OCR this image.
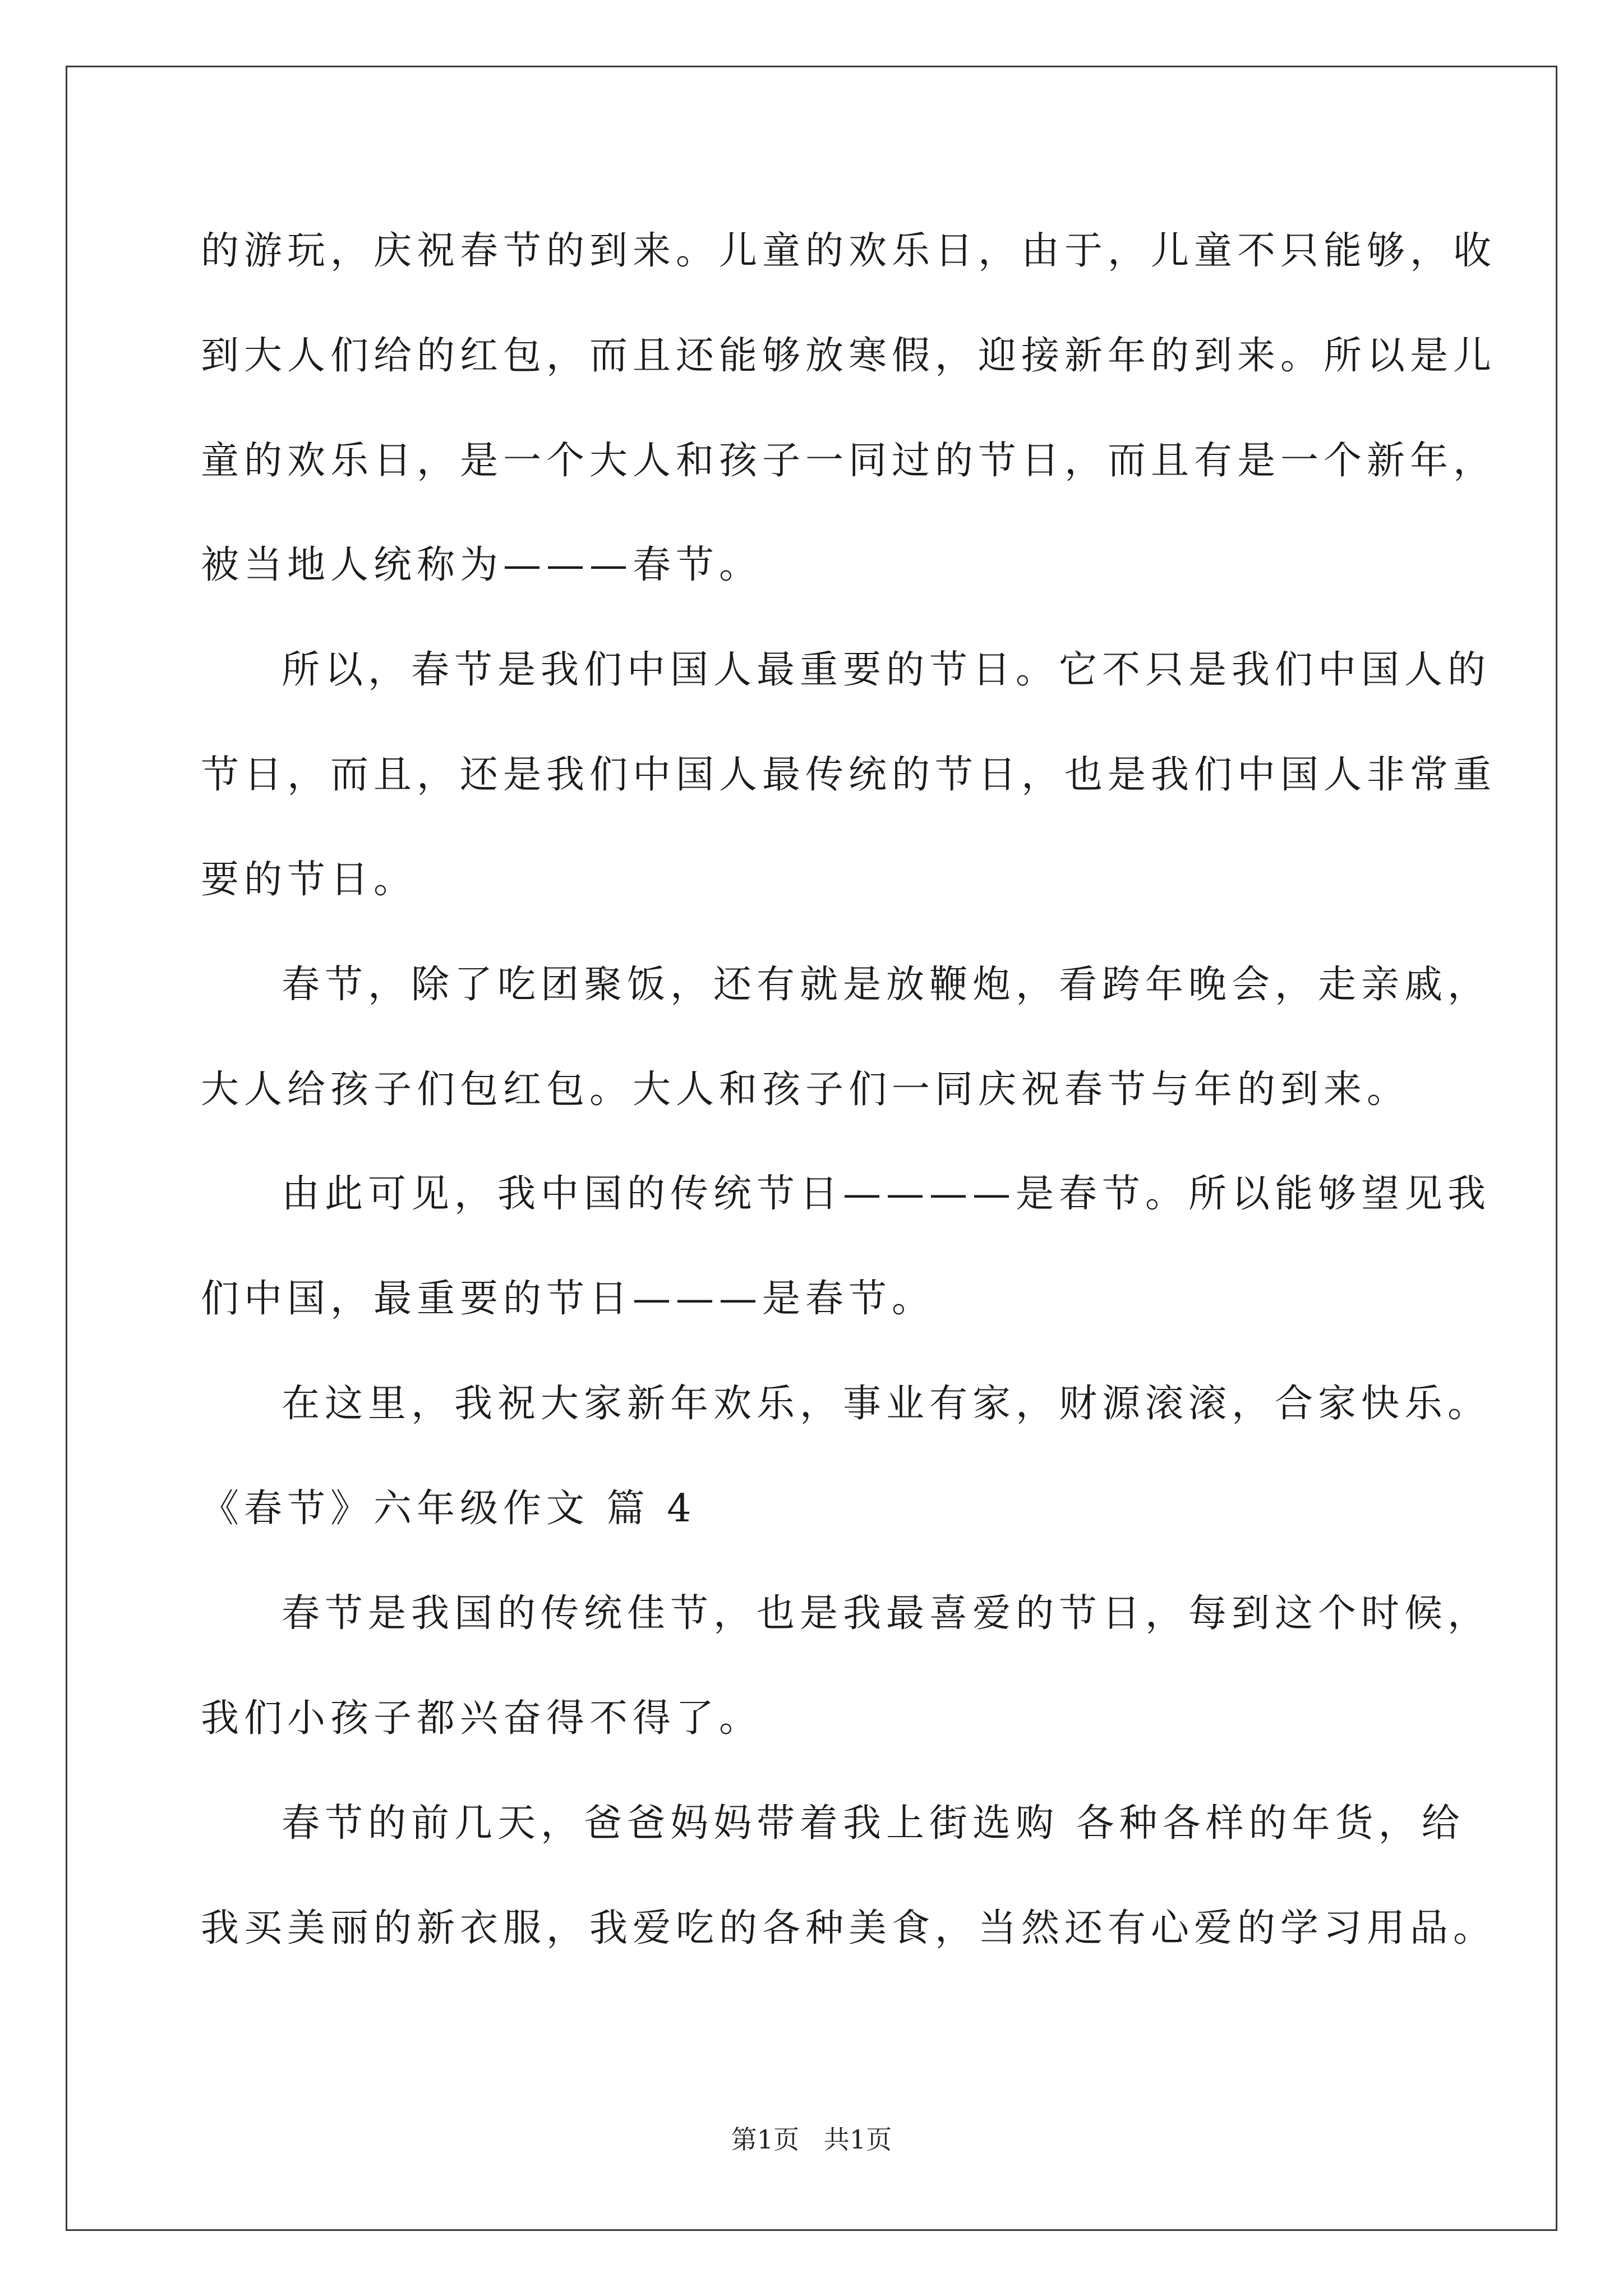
的游玩，庆祝春节的到来。儿童的欢乐日，由于，儿童不只能够，收
到大人们给的红包，而且还能够放寒假，迎接新年的到来。所以是儿
童的欢乐日，是一个大人和孩子一同过的节日，而且有是一个新年，
被当地人统称为———春节。
所以，春节是我们中国人最重要的节日。它不只是我们中国人的
节日，而且，还是我们中国人最传统的节日，也是我们中国人非常重
要的节日。
春节，除了吃团聚饭，还有就是放鞭炮，看跨年晚会，走亲戚，
大人给孩子们包红包。大人和孩子们一同庆祝春节与年的到来。
由此可见，我中国的传统节日————是春节。所以能够望见我
们中国，最重要的节日———是春节。
在这里，我祝大家新年欢乐，事业有家，财源滚滚，合家快乐。
《春节》六年级作文 篇 4
春节是我国的传统佳节，也是我最喜爱的节日，每到这个时候，
我们小孩子都兴奋得不得了。
春节的前几天，爸爸妈妈带着我上街选购 各种各样的年货，给
我买美丽的新衣服，我爱吃的各种美食，当然还有心爱的学习用品。
第1页   共1页
